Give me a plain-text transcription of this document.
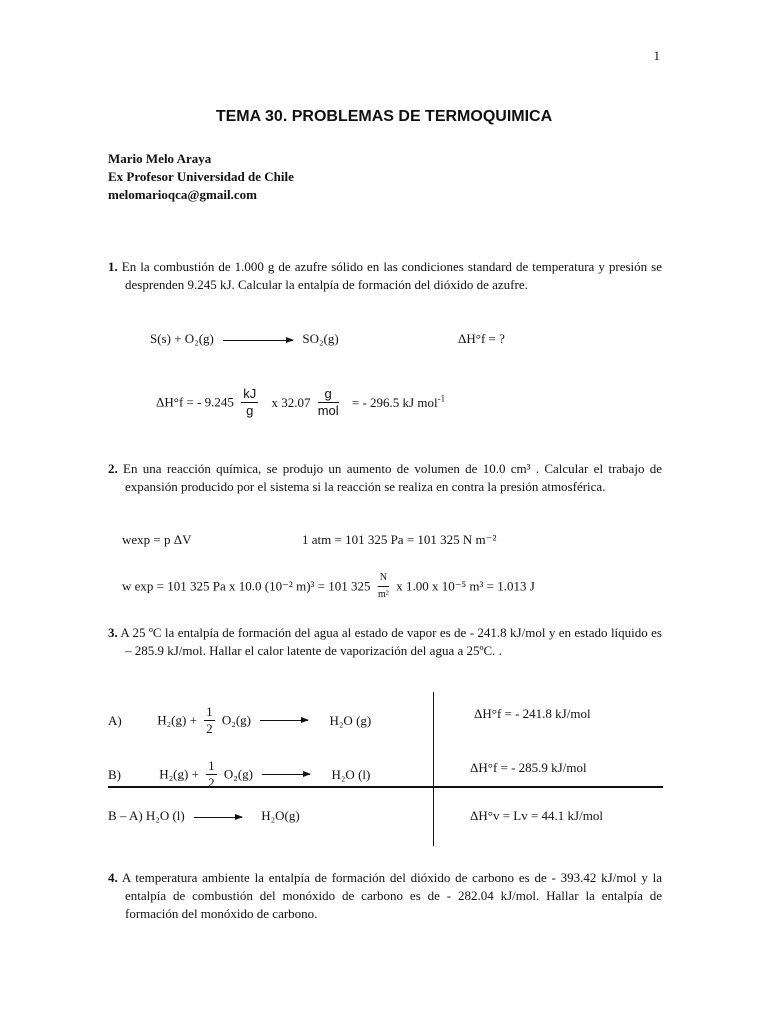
1
TEMA 30. PROBLEMAS DE TERMOQUIMICA
Mario Melo Araya
Ex Profesor Universidad de Chile
melomarioqca@gmail.com
1. En la combustión de 1.000 g de azufre sólido en las condiciones standard de temperatura y presión se desprenden 9.245 kJ. Calcular la entalpía de formación del dióxido de azufre.
S(s) + O₂(g)	SO₂(g)	ΔH°f = ?
ΔH°f = - $9.245 \frac{kJ}{g}$ x $32.07 \frac{g}{\text{mol}}$ = - 296.5 kJ mol$^{-1}$
2. En una reacción química, se produjo un aumento de volumen de 10.0 cm³ . Calcular el trabajo de expansión producido por el sistema si la reacción se realiza en contra la presión atmosférica.
wexp = p ΔV	1 atm = 101 325 Pa = 101 325 N m⁻²
w exp = 101 325 Pa x 10.0 (10⁻² m)³ = 101 $325 \frac{N}{\text{m²}}$ x 1.00 x 10⁻⁵ m³ = 1.013 J
3. A 25 ºC la entalpía de formación del agua al estado de vapor es de - 241.8 kJ/mol y en estado líquido es – 285.9 kJ/mol. Hallar el calor latente de vaporización del agua a 25ºC. .
A)	$H_2(g) + \frac{1}{2} O_2(g) \to H_2O$ (g)	ΔH°f = - 241.8 kJ/mol
B)	$H_2(g) + \frac{1}{2} O_2(g) \to H_2O$ (l)	ΔH°f = - 285.9 kJ/mol
B – A) H₂O (l) → H₂O(g)	ΔH°v = Lv = 44.1 kJ/mol
4. A temperatura ambiente la entalpía de formación del dióxido de carbono es de - 393.42 kJ/mol y la entalpía de combustión del monóxido de carbono es de - 282.04 kJ/mol. Hallar la entalpía de formación del monóxido de carbono.
